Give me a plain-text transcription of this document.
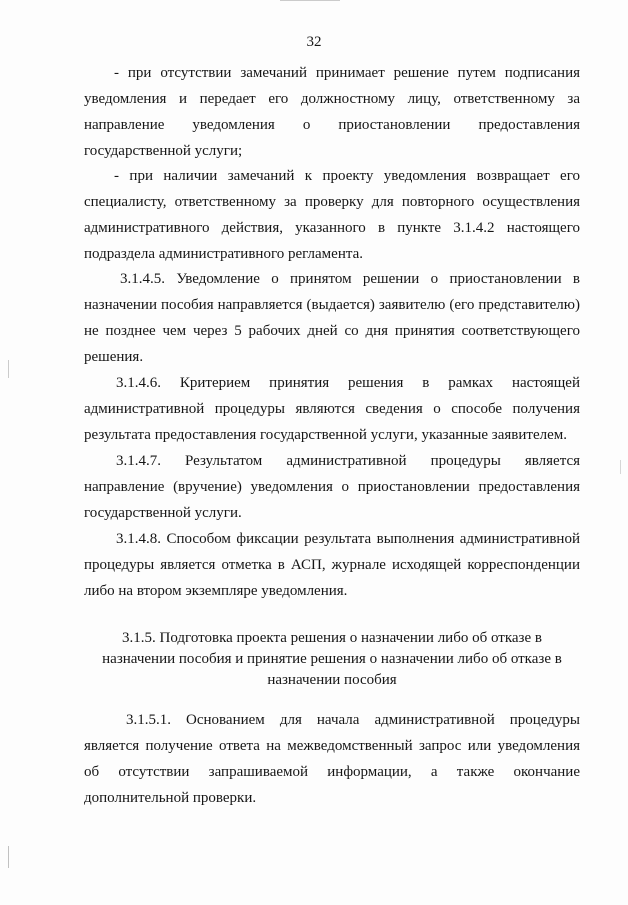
32

- при отсутствии замечаний принимает решение путем подписания уведомления и передает его должностному лицу, ответственному за направление уведомления о приостановлении предоставления государственной услуги;

- при наличии замечаний к проекту уведомления возвращает его специалисту, ответственному за проверку для повторного осуществления административного действия, указанного в пункте 3.1.4.2 настоящего подраздела административного регламента.

3.1.4.5. Уведомление о принятом решении о приостановлении в назначении пособия направляется (выдается) заявителю (его представителю) не позднее чем через 5 рабочих дней со дня принятия соответствующего решения.

3.1.4.6. Критерием принятия решения в рамках настоящей административной процедуры являются сведения о способе получения результата предоставления государственной услуги, указанные заявителем.

3.1.4.7. Результатом административной процедуры является направление (вручение) уведомления о приостановлении предоставления государственной услуги.

3.1.4.8. Способом фиксации результата выполнения административной процедуры является отметка в АСП, журнале исходящей корреспонденции либо на втором экземпляре уведомления.

3.1.5. Подготовка проекта решения о назначении либо об отказе в назначении пособия и принятие решения о назначении либо об отказе в назначении пособия

3.1.5.1. Основанием для начала административной процедуры является получение ответа на межведомственный запрос или уведомления об отсутствии запрашиваемой информации, а также окончание дополнительной проверки.
